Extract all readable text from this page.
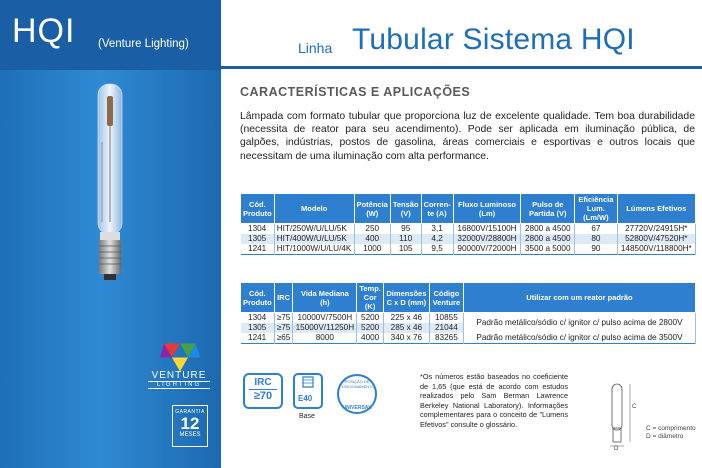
HQI (Venture Lighting)
VENTURE
LIGHTING
GARANTIA
12
MESES
Linha Tubular Sistema HQI
CARACTERÍSTICAS E APLICAÇÕES
Lâmpada com formato tubular que proporciona luz de excelente qualidade. Tem boa durabilidade (necessita de reator para seu acendimento). Pode ser aplicada em iluminação pública, de galpões, indústrias, postos de gasolina, áreas comerciais e esportivas e outros locais que necessitam de uma iluminação com alta performance.
Cód. Produto	Modelo	Potência (W)	Tensão (V)	Corren- te (A)	Fluxo Luminoso (Lm)	Pulso de Partida (V)	Eficiência Lum. (Lm/W)	Lúmens Efetivos
1304	HIT/250W/U/LU/5K	250	95	3,1	16800V/15100H	2800 a 4500	67	27720V/24915H*
1305	HIT/400W/U/LU/5K	400	110	4,2	32000V/28800H	2800 a 4500	80	52800V/47520H*
1241	HIT/1000W/U/LU/4K	1000	105	9,5	90000V/72000H	3500 a 5000	90	148500V/118800H*
Cód. Produto	IRC	Vida Mediana (h)	Temp. Cor (K)	Dimensões C x D (mm)	Código Venture	Utilizar com um reator padrão
1304	≥75	10000V/7500H	5200	225 x 46	10855	Padrão metálico/sódio c/ ignitor c/ pulso acima de 2800V
1305	≥75	15000V/11250H	5200	285 x 46	21044	
1241	≥65	8000	4000	340 x 76	83265	Padrão metálico/sódio c/ ignitor c/ pulso acima de 3500V
IRC
≥70	E40
Base
POSIÇÃO DE FUNCIONAMENTO
UNIVERSAL
*Os números estão baseados no coeficiente de 1,65 (que está de acordo com estudos realizados pelo Sam Berman Lawrence Berkeley National Laboratory). Informações complementares para o conceito de "Lumens Efetivos" consulte o glossário.
C
D
C = comprimento
D = diâmetro
